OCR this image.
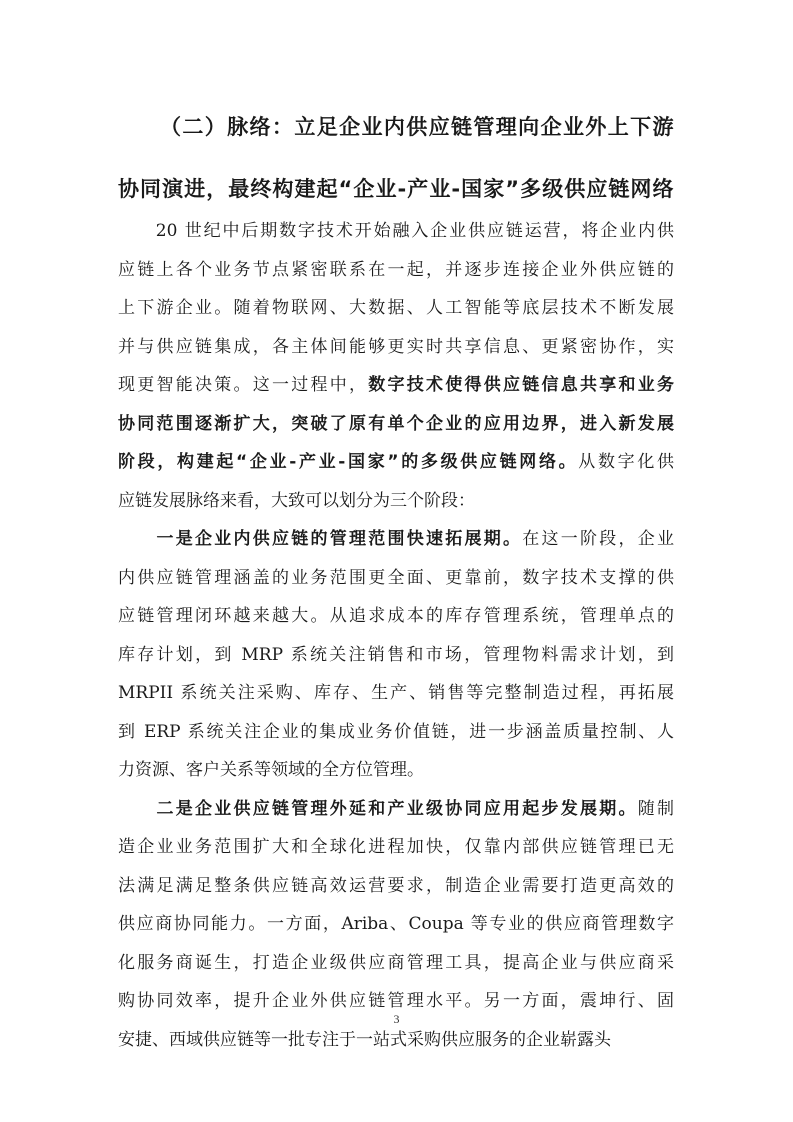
（二）脉络：立足企业内供应链管理向企业外上下游
协同演进，最终构建起“企业-产业-国家”多级供应链网络
　　20 世纪中后期数字技术开始融入企业供应链运营，将企业内供
应链上各个业务节点紧密联系在一起，并逐步连接企业外供应链的
上下游企业。随着物联网、大数据、人工智能等底层技术不断发展
并与供应链集成，各主体间能够更实时共享信息、更紧密协作，实
现更智能决策。这一过程中，数字技术使得供应链信息共享和业务
协同范围逐渐扩大，突破了原有单个企业的应用边界，进入新发展
阶段，构建起“企业-产业-国家”的多级供应链网络。从数字化供
应链发展脉络来看，大致可以划分为三个阶段：
　　一是企业内供应链的管理范围快速拓展期。在这一阶段，企业
内供应链管理涵盖的业务范围更全面、更靠前，数字技术支撑的供
应链管理闭环越来越大。从追求成本的库存管理系统，管理单点的
库存计划，到 MRP 系统关注销售和市场，管理物料需求计划，到
MRPII 系统关注采购、库存、生产、销售等完整制造过程，再拓展
到 ERP 系统关注企业的集成业务价值链，进一步涵盖质量控制、人
力资源、客户关系等领域的全方位管理。
　　二是企业供应链管理外延和产业级协同应用起步发展期。随制
造企业业务范围扩大和全球化进程加快，仅靠内部供应链管理已无
法满足满足整条供应链高效运营要求，制造企业需要打造更高效的
供应商协同能力。一方面，Ariba、Coupa 等专业的供应商管理数字
化服务商诞生，打造企业级供应商管理工具，提高企业与供应商采
购协同效率，提升企业外供应链管理水平。另一方面，震坤行、固
安捷、西域供应链等一批专注于一站式采购供应服务的企业崭露头
3
